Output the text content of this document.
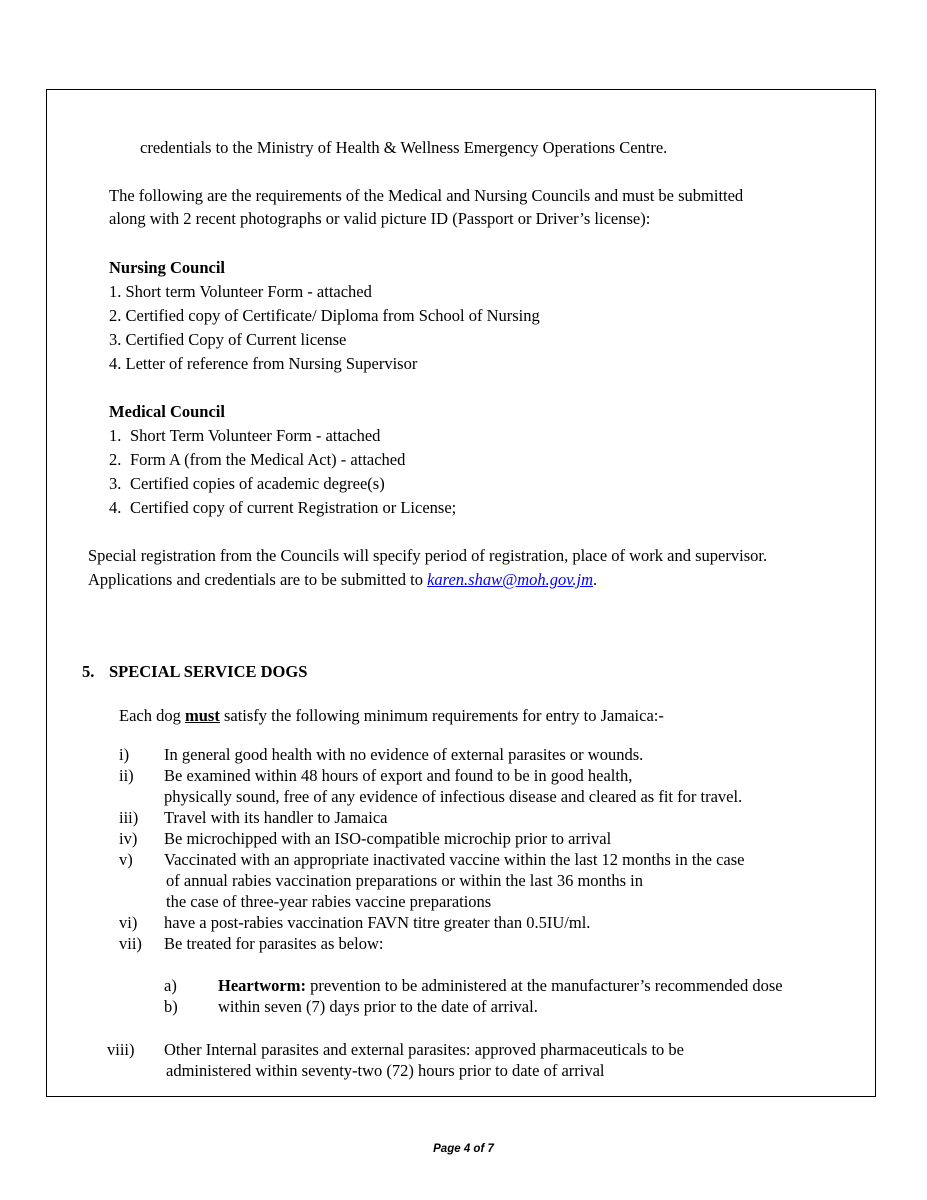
credentials to the Ministry of Health & Wellness Emergency Operations Centre.
The following are the requirements of the Medical and Nursing Councils and must be submitted
along with 2 recent photographs or valid picture ID (Passport or Driver’s license):
Nursing Council
1. Short term Volunteer Form - attached
2. Certified copy of Certificate/ Diploma from School of Nursing
3. Certified Copy of Current license
4. Letter of reference from Nursing Supervisor
Medical Council
1. Short Term Volunteer Form - attached
2. Form A (from the Medical Act) - attached
3. Certified copies of academic degree(s)
4. Certified copy of current Registration or License;
Special registration from the Councils will specify period of registration, place of work and supervisor.
Applications and credentials are to be submitted to karen.shaw@moh.gov.jm.
5. SPECIAL SERVICE DOGS
Each dog must satisfy the following minimum requirements for entry to Jamaica:-
i) In general good health with no evidence of external parasites or wounds.
ii) Be examined within 48 hours of export and found to be in good health,
physically sound, free of any evidence of infectious disease and cleared as fit for travel.
iii) Travel with its handler to Jamaica
iv) Be microchipped with an ISO-compatible microchip prior to arrival
v) Vaccinated with an appropriate inactivated vaccine within the last 12 months in the case
of annual rabies vaccination preparations or within the last 36 months in
the case of three-year rabies vaccine preparations
vi) have a post-rabies vaccination FAVN titre greater than 0.5IU/ml.
vii) Be treated for parasites as below:
a) Heartworm: prevention to be administered at the manufacturer’s recommended dose
b) within seven (7) days prior to the date of arrival.
viii) Other Internal parasites and external parasites: approved pharmaceuticals to be
administered within seventy-two (72) hours prior to date of arrival
Page 4 of 7
